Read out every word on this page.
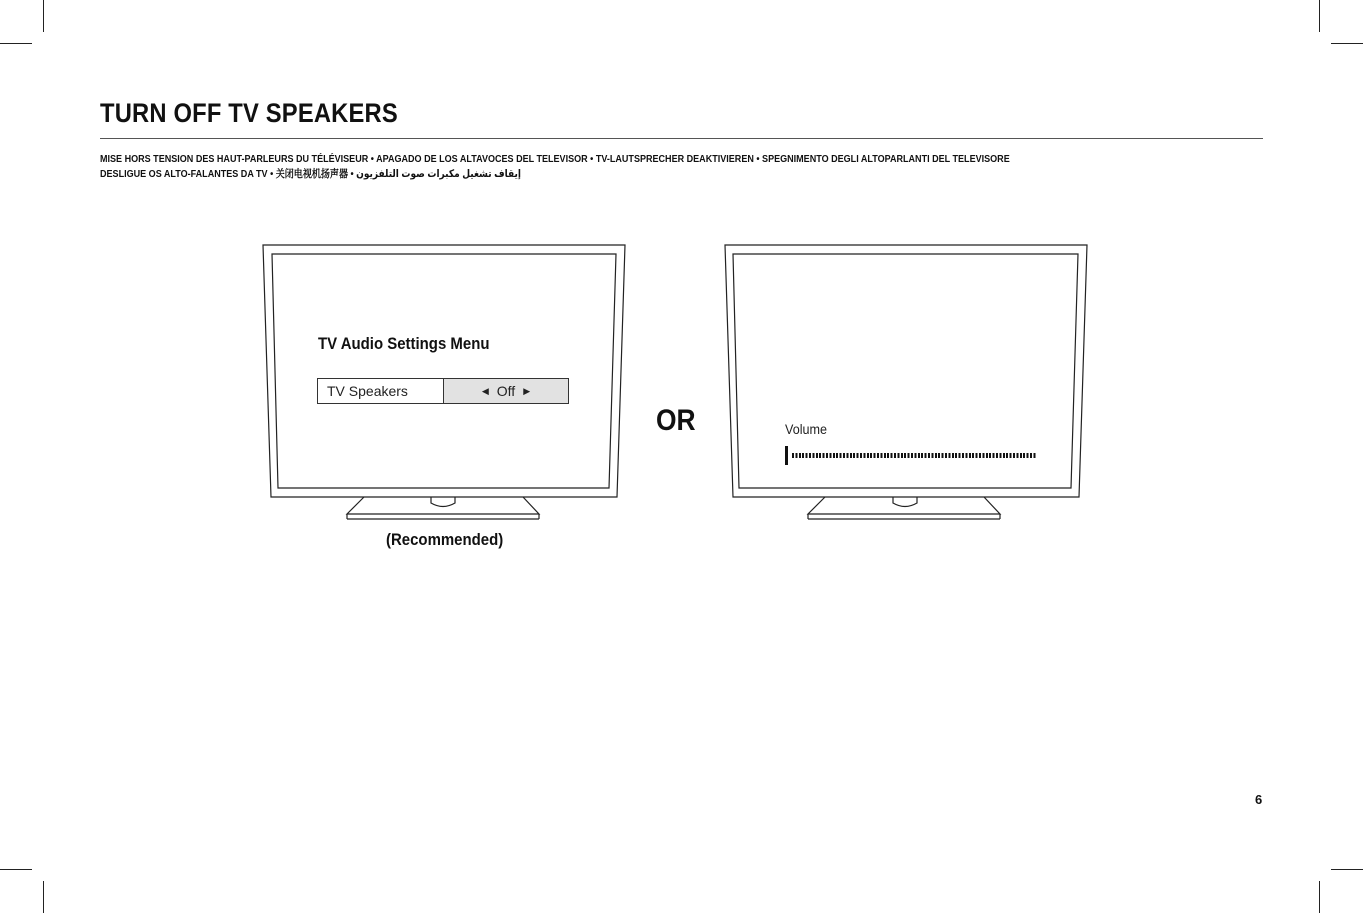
TURN OFF TV SPEAKERS
MISE HORS TENSION DES HAUT-PARLEURS DU TÉLÉVISEUR • APAGADO DE LOS ALTAVOCES DEL TELEVISOR • TV-LAUTSPRECHER DEAKTIVIEREN • SPEGNIMENTO DEGLI ALTOPARLANTI DEL TELEVISORE
DESLIGUE OS ALTO-FALANTES DA TV • 关闭电视机扬声器 • إيقاف تشغيل مكبرات صوت التلفزيون
TV Audio Settings Menu
TV Speakers	◀ Off ▶
(Recommended)
OR	Volume
6
